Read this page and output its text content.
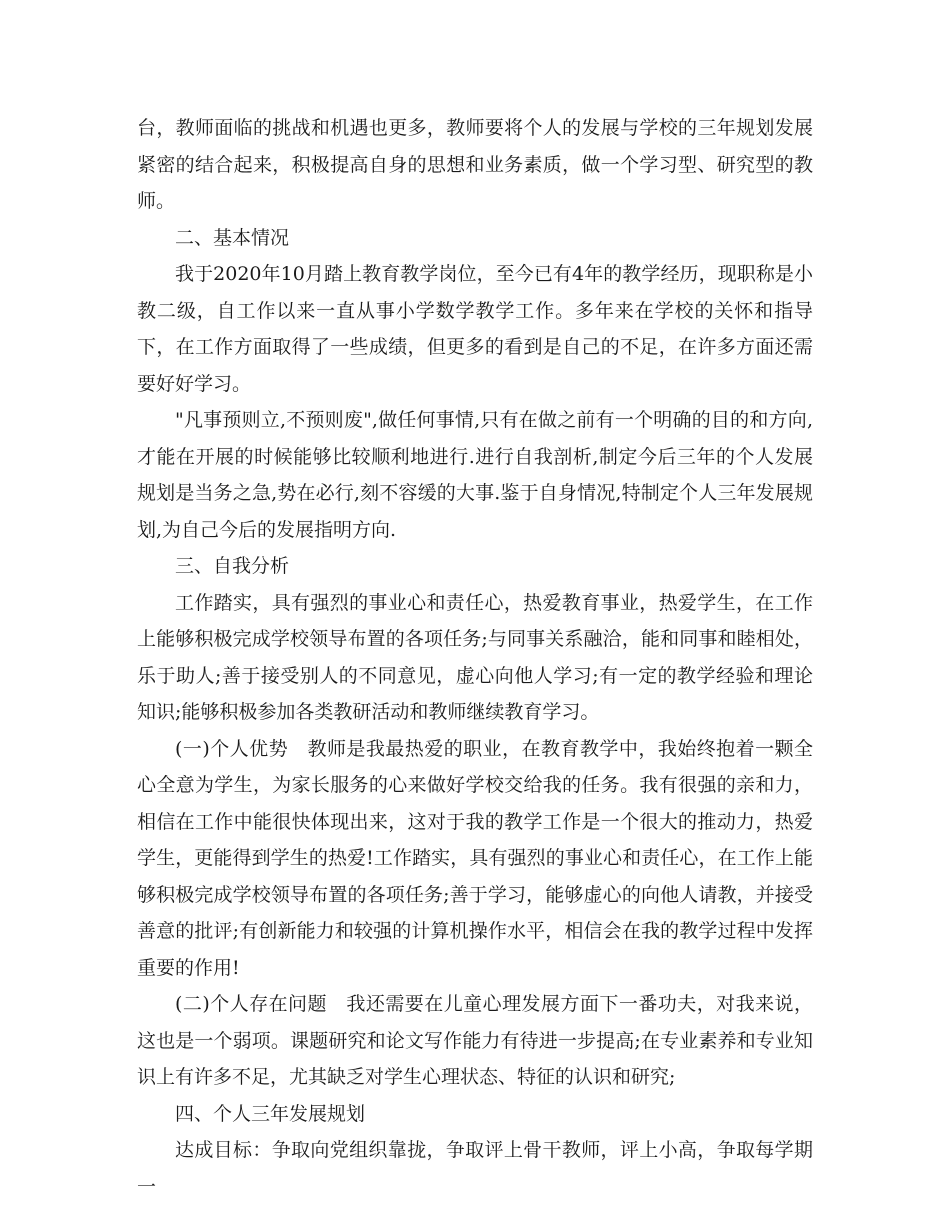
台，教师面临的挑战和机遇也更多，教师要将个人的发展与学校的三年规划发展紧密的结合起来，积极提高自身的思想和业务素质，做一个学习型、研究型的教师。

二、基本情况

我于2020年10月踏上教育教学岗位，至今已有4年的教学经历，现职称是小教二级，自工作以来一直从事小学数学教学工作。多年来在学校的关怀和指导下，在工作方面取得了一些成绩，但更多的看到是自己的不足，在许多方面还需要好好学习。

"凡事预则立,不预则废",做任何事情,只有在做之前有一个明确的目的和方向,才能在开展的时候能够比较顺利地进行.进行自我剖析,制定今后三年的个人发展规划是当务之急,势在必行,刻不容缓的大事.鉴于自身情况,特制定个人三年发展规划,为自己今后的发展指明方向.

三、自我分析

工作踏实，具有强烈的事业心和责任心，热爱教育事业，热爱学生，在工作上能够积极完成学校领导布置的各项任务;与同事关系融洽，能和同事和睦相处，乐于助人;善于接受别人的不同意见，虚心向他人学习;有一定的教学经验和理论知识;能够积极参加各类教研活动和教师继续教育学习。

(一)个人优势　教师是我最热爱的职业，在教育教学中，我始终抱着一颗全心全意为学生，为家长服务的心来做好学校交给我的任务。我有很强的亲和力，相信在工作中能很快体现出来，这对于我的教学工作是一个很大的推动力，热爱学生，更能得到学生的热爱!工作踏实，具有强烈的事业心和责任心，在工作上能够积极完成学校领导布置的各项任务;善于学习，能够虚心的向他人请教，并接受善意的批评;有创新能力和较强的计算机操作水平，相信会在我的教学过程中发挥重要的作用!

(二)个人存在问题　我还需要在儿童心理发展方面下一番功夫，对我来说，这也是一个弱项。课题研究和论文写作能力有待进一步提高;在专业素养和专业知识上有许多不足，尤其缺乏对学生心理状态、特征的认识和研究;

四、个人三年发展规划

达成目标：争取向党组织靠拢，争取评上骨干教师，评上小高，争取每学期一
